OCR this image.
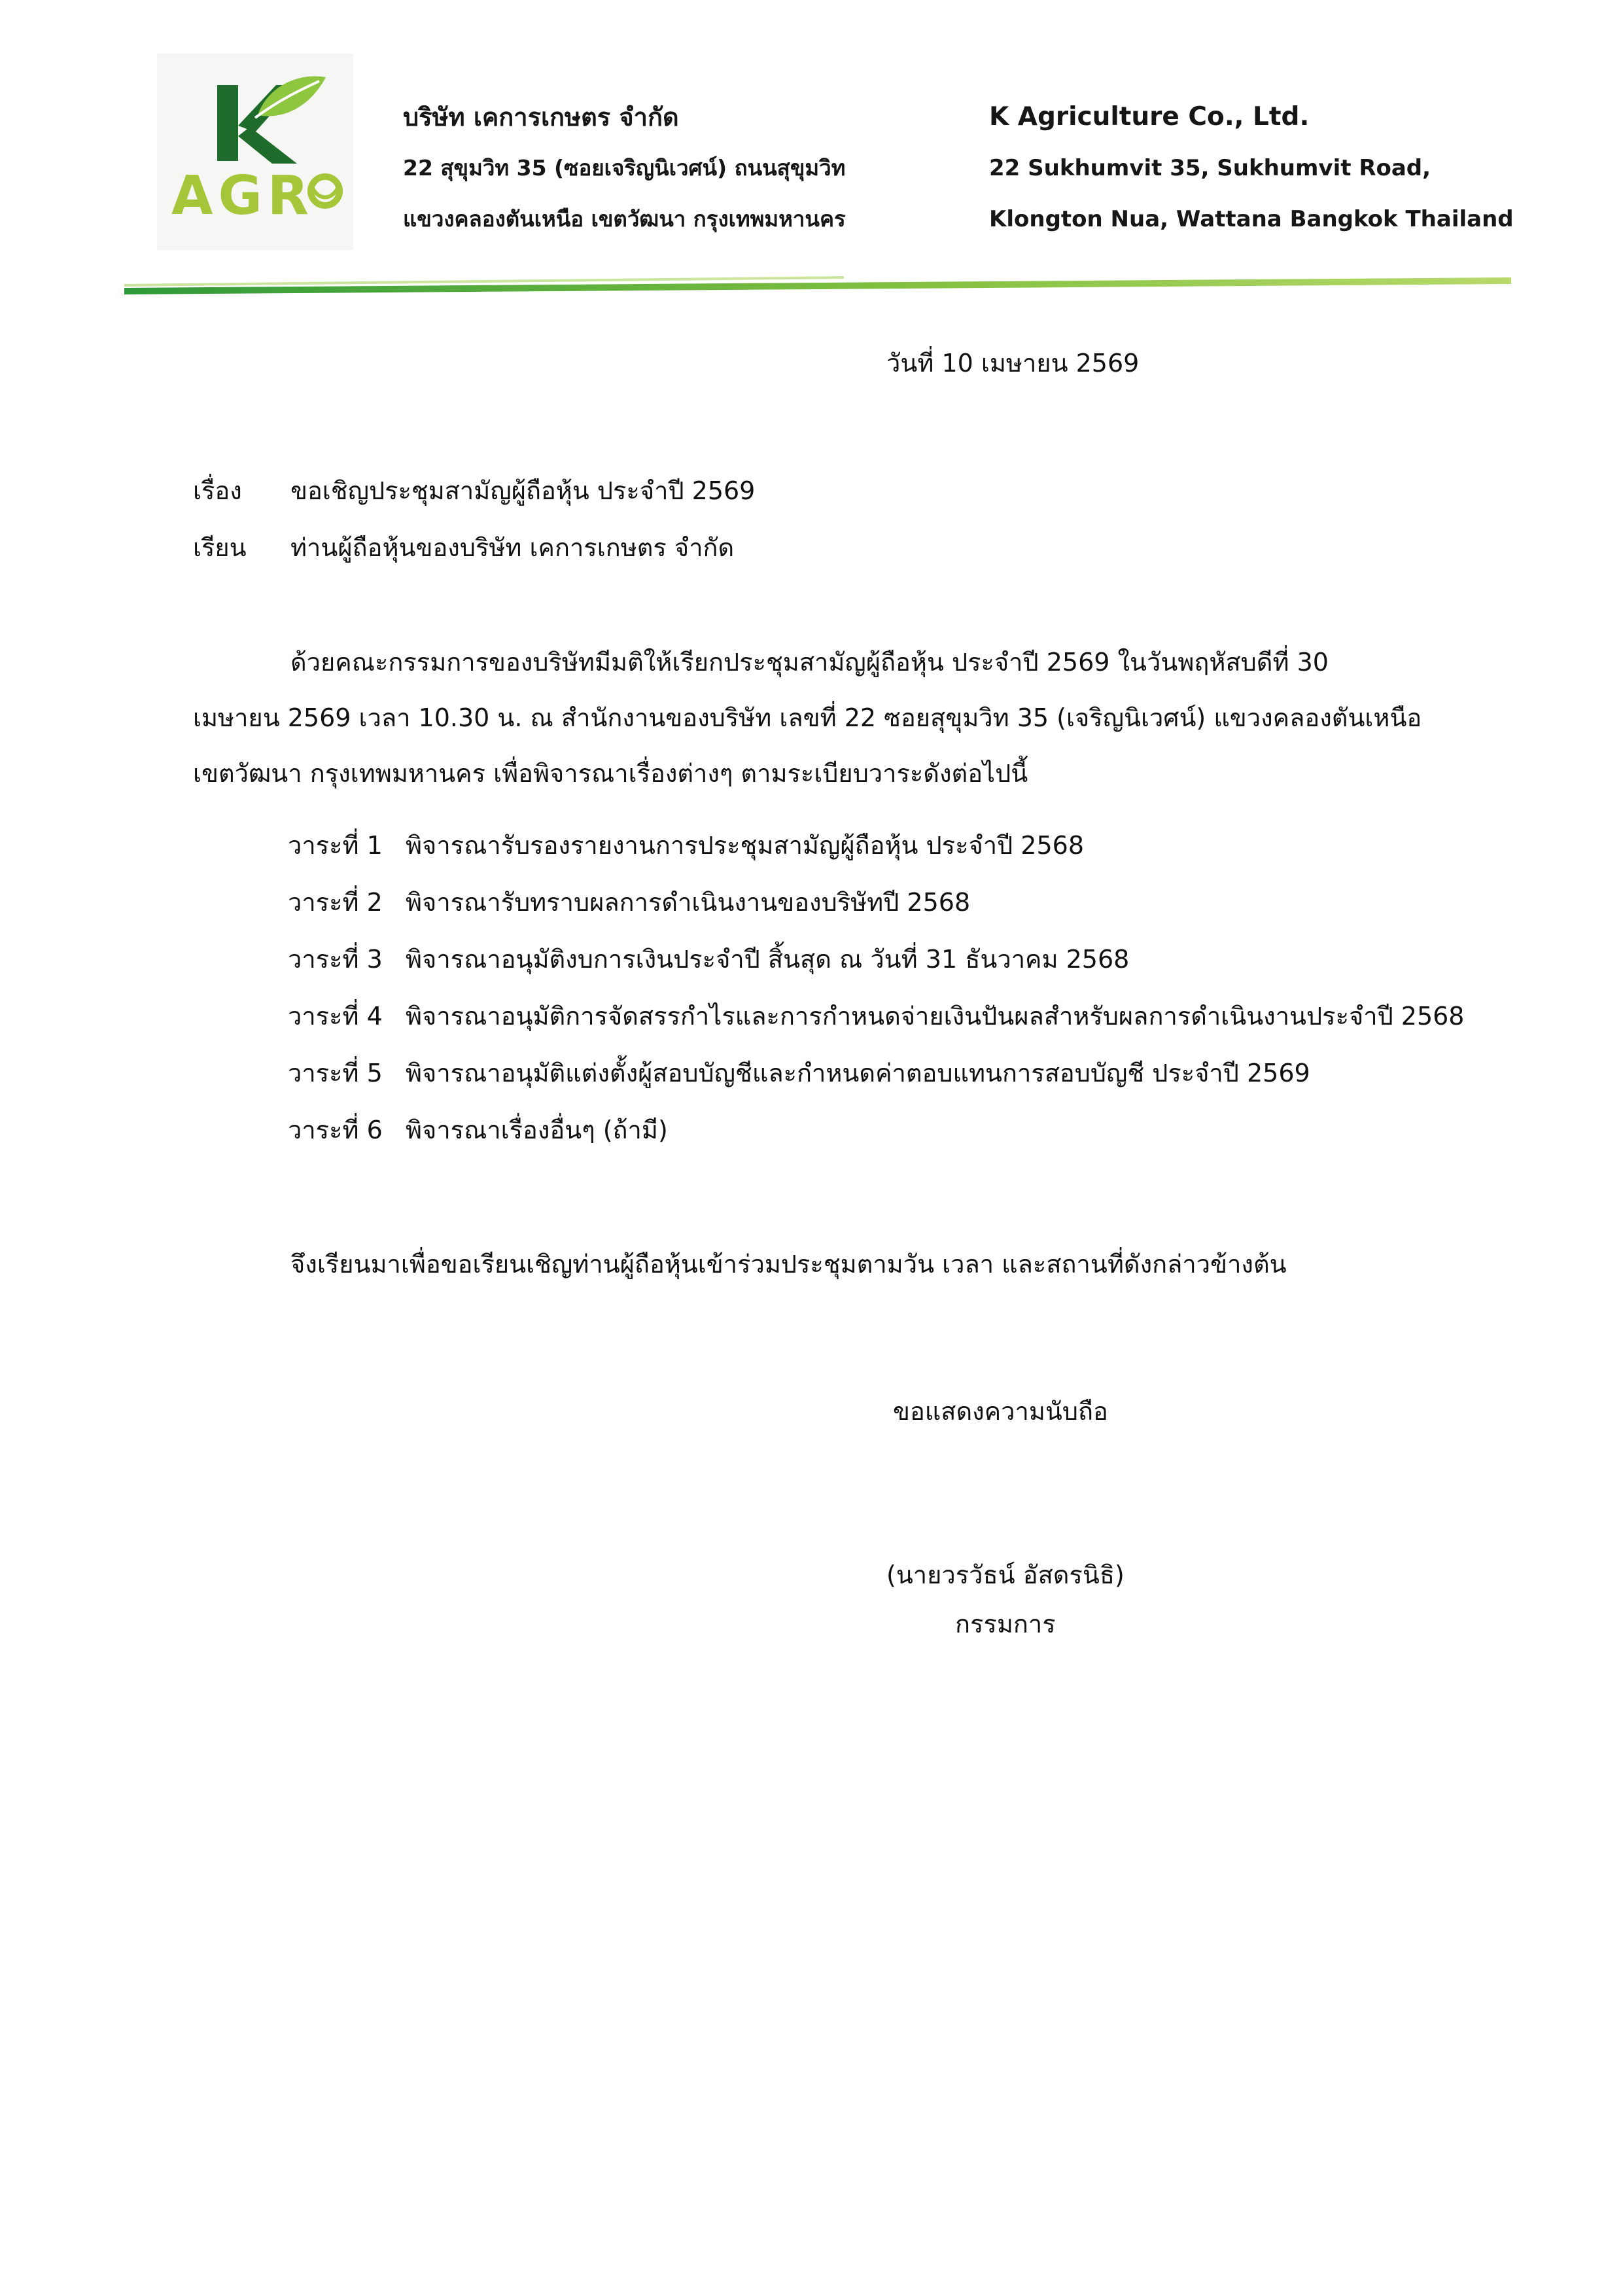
AGR
บริษัท เคการเกษตร จำกัด
22 สุขุมวิท 35 (ซอยเจริญนิเวศน์) ถนนสุขุมวิท
แขวงคลองตันเหนือ เขตวัฒนา กรุงเทพมหานคร
K Agriculture Co., Ltd.
22 Sukhumvit 35, Sukhumvit Road,
Klongton Nua, Wattana Bangkok Thailand
วันที่ 10 เมษายน 2569
เรื่อง ขอเชิญประชุมสามัญผู้ถือหุ้น ประจำปี 2569
เรียน ท่านผู้ถือหุ้นของบริษัท เคการเกษตร จำกัด
ด้วยคณะกรรมการของบริษัทมีมติให้เรียกประชุมสามัญผู้ถือหุ้น ประจำปี 2569 ในวันพฤหัสบดีที่ 30
เมษายน 2569 เวลา 10.30 น. ณ สำนักงานของบริษัท เลขที่ 22 ซอยสุขุมวิท 35 (เจริญนิเวศน์) แขวงคลองตันเหนือ
เขตวัฒนา กรุงเทพมหานคร เพื่อพิจารณาเรื่องต่างๆ ตามระเบียบวาระดังต่อไปนี้
วาระที่ 1 พิจารณารับรองรายงานการประชุมสามัญผู้ถือหุ้น ประจำปี 2568
วาระที่ 2 พิจารณารับทราบผลการดำเนินงานของบริษัทปี 2568
วาระที่ 3 พิจารณาอนุมัติงบการเงินประจำปี สิ้นสุด ณ วันที่ 31 ธันวาคม 2568
วาระที่ 4 พิจารณาอนุมัติการจัดสรรกำไรและการกำหนดจ่ายเงินปันผลสำหรับผลการดำเนินงานประจำปี 2568
วาระที่ 5 พิจารณาอนุมัติแต่งตั้งผู้สอบบัญชีและกำหนดค่าตอบแทนการสอบบัญชี ประจำปี 2569
วาระที่ 6 พิจารณาเรื่องอื่นๆ (ถ้ามี)
จึงเรียนมาเพื่อขอเรียนเชิญท่านผู้ถือหุ้นเข้าร่วมประชุมตามวัน เวลา และสถานที่ดังกล่าวข้างต้น
ขอแสดงความนับถือ
(นายวรวัธน์ อัสดรนิธิ)
กรรมการ
